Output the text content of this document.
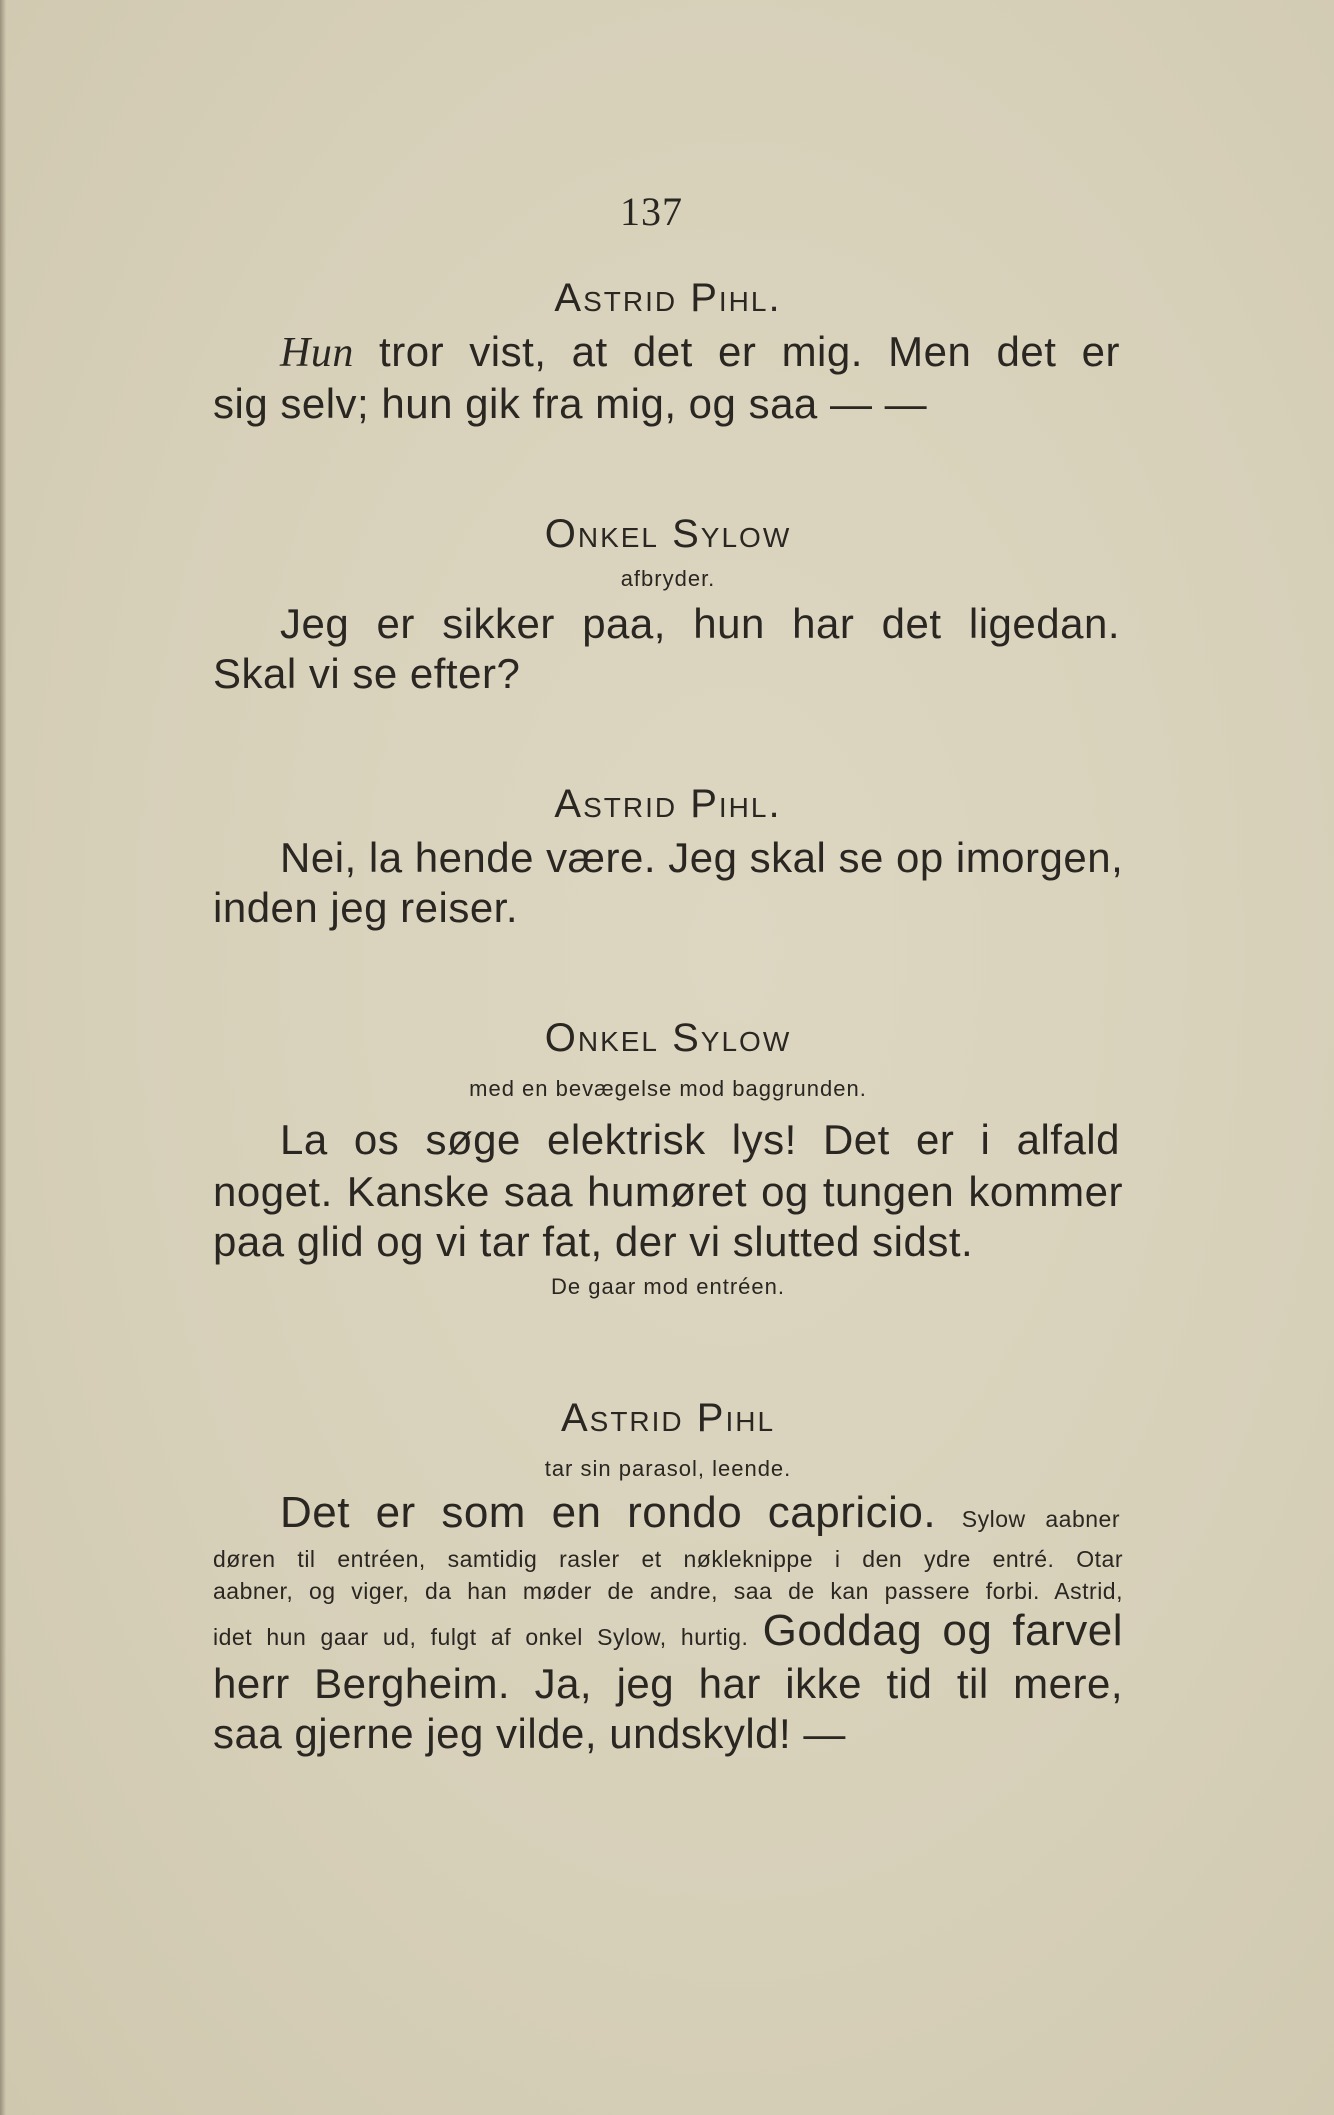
137
Astrid Pihl.
Hun tror vist, at det er mig. Men det er
sig selv; hun gik fra mig, og saa — —
Onkel Sylow
afbryder.
Jeg er sikker paa, hun har det ligedan.
Skal vi se efter?
Astrid Pihl.
Nei, la hende være. Jeg skal se op imorgen,
inden jeg reiser.
Onkel Sylow
med en bevægelse mod baggrunden.
La os søge elektrisk lys! Det er i alfald
noget. Kanske saa humøret og tungen kommer
paa glid og vi tar fat, der vi slutted sidst.
De gaar mod entréen.
Astrid Pihl
tar sin parasol, leende.
Det er som en rondo capricio. Sylow aabner
døren til entréen, samtidig rasler et nøkleknippe i den ydre entré. Otar
aabner, og viger, da han møder de andre, saa de kan passere forbi. Astrid,
idet hun gaar ud, fulgt af onkel Sylow, hurtig. Goddag og farvel
herr Bergheim. Ja, jeg har ikke tid til mere,
saa gjerne jeg vilde, undskyld! —
